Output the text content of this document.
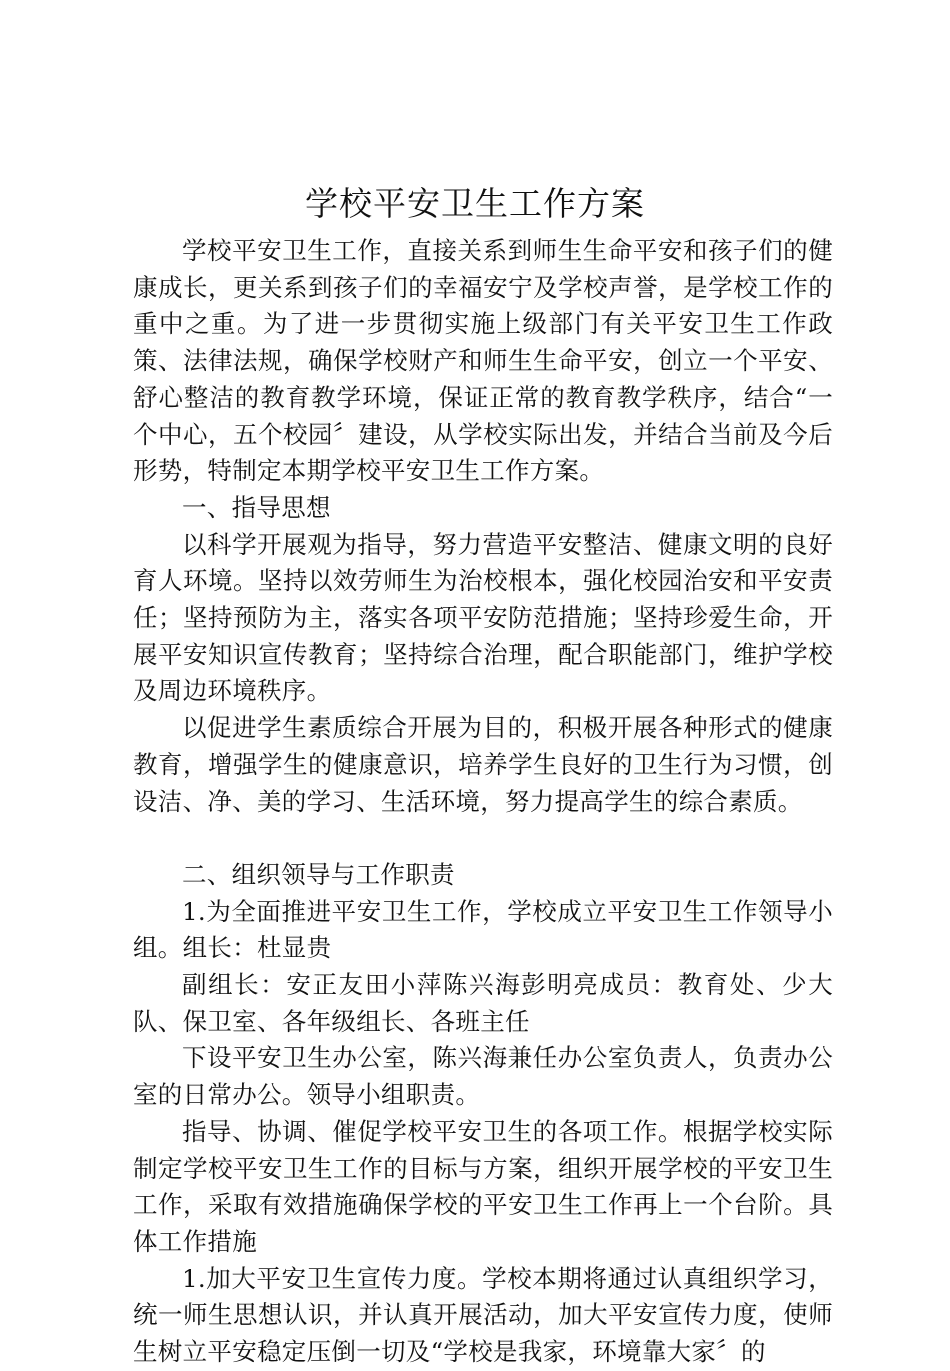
学校平安卫生工作方案

学校平安卫生工作，直接关系到师生生命平安和孩子们的健康成长，更关系到孩子们的幸福安宁及学校声誉，是学校工作的重中之重。为了进一步贯彻实施上级部门有关平安卫生工作政策、法律法规，确保学校财产和师生生命平安，创立一个平安、舒心整洁的教育教学环境，保证正常的教育教学秩序，结合“一个中心，五个校园〞建设，从学校实际出发，并结合当前及今后形势，特制定本期学校平安卫生工作方案。

一、指导思想

以科学开展观为指导，努力营造平安整洁、健康文明的良好育人环境。坚持以效劳师生为治校根本，强化校园治安和平安责任；坚持预防为主，落实各项平安防范措施；坚持珍爱生命，开展平安知识宣传教育；坚持综合治理，配合职能部门，维护学校及周边环境秩序。

以促进学生素质综合开展为目的，积极开展各种形式的健康教育，增强学生的健康意识，培养学生良好的卫生行为习惯，创设洁、净、美的学习、生活环境，努力提高学生的综合素质。

二、组织领导与工作职责

1.为全面推进平安卫生工作，学校成立平安卫生工作领导小组。组长：杜显贵

副组长：安正友田小萍陈兴海彭明亮成员：教育处、少大队、保卫室、各年级组长、各班主任

下设平安卫生办公室，陈兴海兼任办公室负责人，负责办公室的日常办公。领导小组职责。

指导、协调、催促学校平安卫生的各项工作。根据学校实际制定学校平安卫生工作的目标与方案，组织开展学校的平安卫生工作，采取有效措施确保学校的平安卫生工作再上一个台阶。具体工作措施

1.加大平安卫生宣传力度。学校本期将通过认真组织学习，统一师生思想认识，并认真开展活动，加大平安宣传力度，使师生树立平安稳定压倒一切及“学校是我家，环境靠大家〞的
